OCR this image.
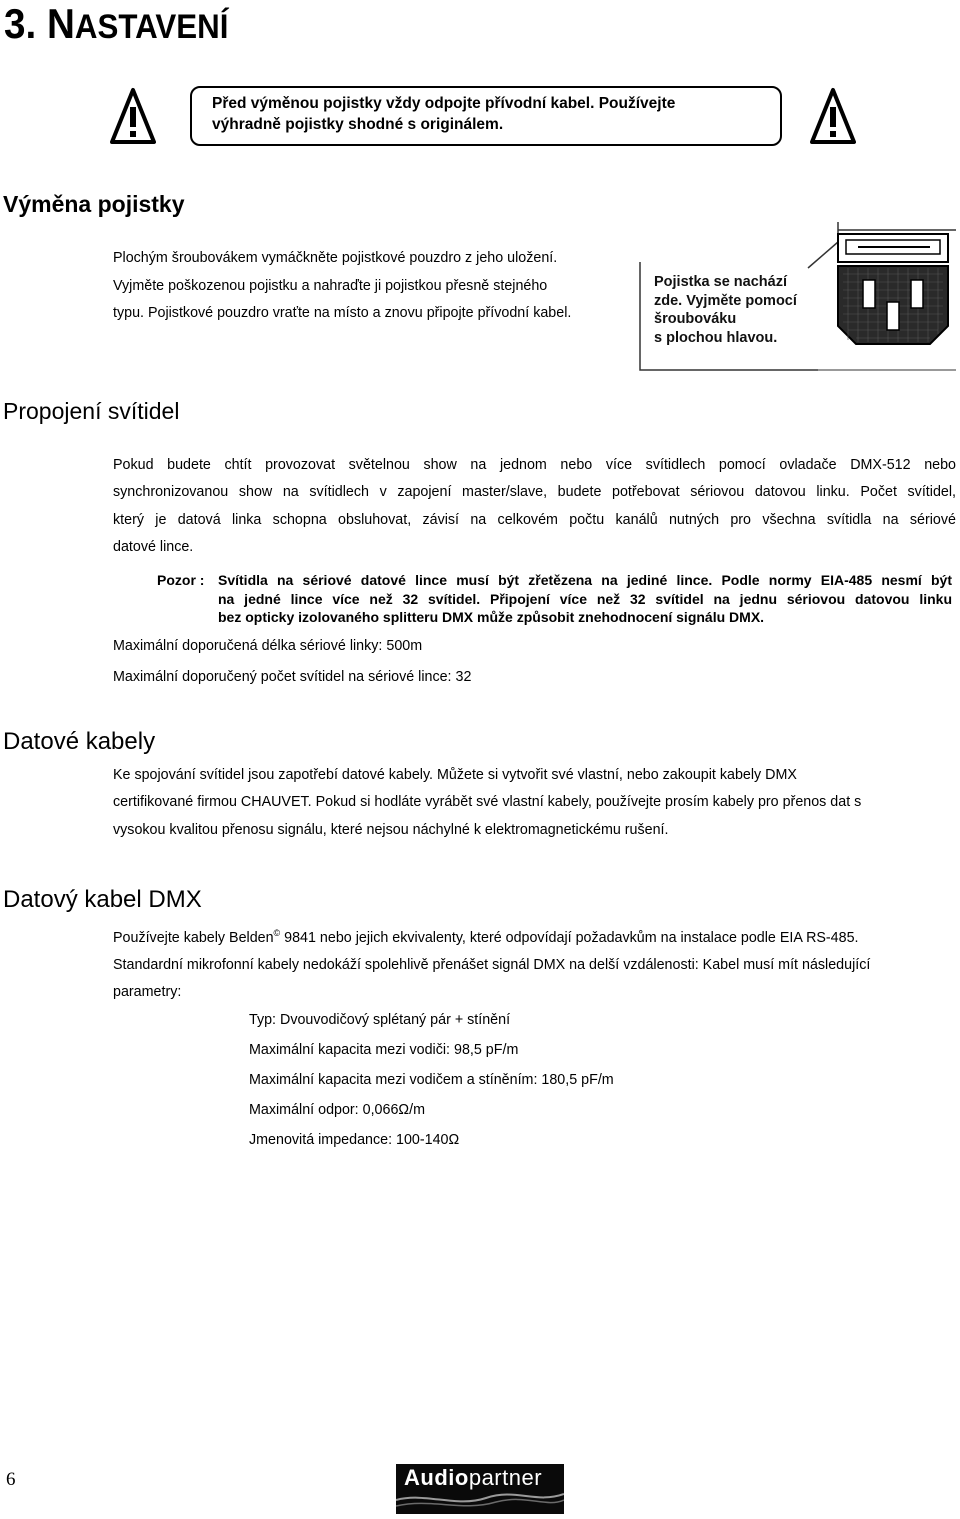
3. NASTAVENÍ
Před výměnou pojistky vždy odpojte přívodní kabel. Používejte
výhradně pojistky shodné s originálem.
Výměna pojistky
Plochým šroubovákem vymáčkněte pojistkové pouzdro z jeho uložení.
Vyjměte poškozenou pojistku a nahraďte ji pojistkou přesně stejného
typu. Pojistkové pouzdro vraťte na místo a znovu připojte přívodní kabel.
Pojistka se nachází
zde. Vyjměte pomocí
šroubováku
s plochou hlavou.
Propojení svítidel
Pokud budete chtít provozovat světelnou show na jednom nebo více svítidlech pomocí ovladače DMX-512 nebo
synchronizovanou show na svítidlech v zapojení master/slave, budete potřebovat sériovou datovou linku. Počet svítidel,
který je datová linka schopna obsluhovat, závisí na celkovém počtu kanálů nutných pro všechna svítidla na sériové
datové lince.
Pozor : Svítidla na sériové datové lince musí být zřetězena na jediné lince. Podle normy EIA-485 nesmí být
na jedné lince více než 32 svítidel. Připojení více než 32 svítidel na jednu sériovou datovou linku
bez opticky izolovaného splitteru DMX může způsobit znehodnocení signálu DMX.
Maximální doporučená délka sériové linky: 500m
Maximální doporučený počet svítidel na sériové lince: 32
Datové kabely
Ke spojování svítidel jsou zapotřebí datové kabely. Můžete si vytvořit své vlastní, nebo zakoupit kabely DMX
certifikované firmou CHAUVET. Pokud si hodláte vyrábět své vlastní kabely, používejte prosím kabely pro přenos dat s
vysokou kvalitou přenosu signálu, které nejsou náchylné k elektromagnetickému rušení.
Datový kabel DMX
Používejte kabely Belden© 9841 nebo jejich ekvivalenty, které odpovídají požadavkům na instalace podle EIA RS-485.
Standardní mikrofonní kabely nedokáží spolehlivě přenášet signál DMX na delší vzdálenosti: Kabel musí mít následující
parametry:
Typ: Dvouvodičový splétaný pár + stínění
Maximální kapacita mezi vodiči: 98,5 pF/m
Maximální kapacita mezi vodičem a stíněním: 180,5 pF/m
Maximální odpor: 0,066Ω/m
Jmenovitá impedance: 100-140Ω
6	Audiopartner
